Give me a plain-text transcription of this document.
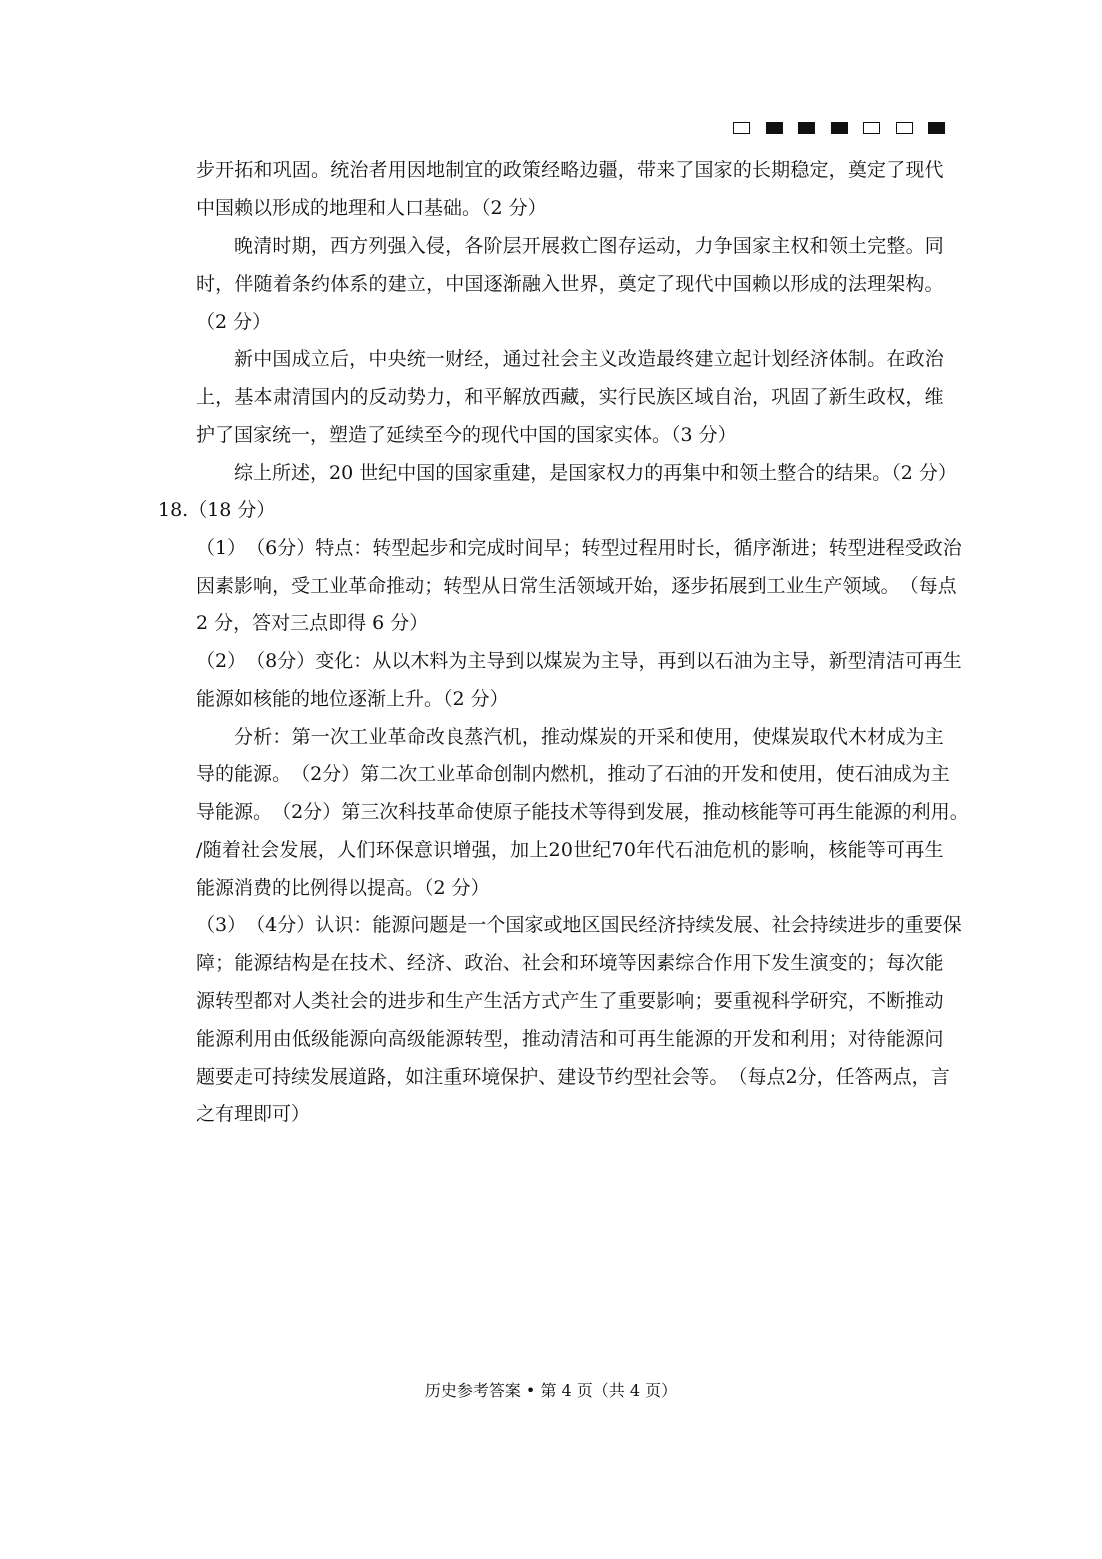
步 开 拓 和 巩 固 。 统 治 者 用 因 地 制 宜 的 政 策 经 略 边 疆 ， 带 来 了 国 家 的 长 期 稳 定 ， 奠 定 了 现 代
中国赖以形成的地理和人口基础。（2 分）
晚 清 时 期 ， 西 方 列 强 入 侵 ， 各 阶 层 开 展 救 亡 图 存 运 动 ， 力 争 国 家 主 权 和 领 土 完 整 。 同
时 ， 伴 随 着 条 约 体 系 的 建 立 ， 中 国 逐 渐 融 入 世 界 ， 奠 定 了 现 代 中 国 赖 以 形 成 的 法 理 架 构 。
（2 分）
新 中 国 成 立 后 ， 中 央 统 一 财 经 ， 通 过 社 会 主 义 改 造 最 终 建 立 起 计 划 经 济 体 制 。 在 政 治
上 ， 基 本 肃 清 国 内 的 反 动 势 力 ， 和 平 解 放 西 藏 ， 实 行 民 族 区 域 自 治 ， 巩 固 了 新 生 政 权 ， 维
护了国家统一，塑造了延续至今的现代中国的国家实体。（3 分）
综上所述，20 世纪中国的国家重建，是国家权力的再集中和领土整合的结果。（2 分）
18.（18 分）
（ 1 ） （ 6 分 ） 特 点 ： 转 型 起 步 和 完 成 时 间 早 ； 转 型 过 程 用 时 长 ， 循 序 渐 进 ； 转 型 进 程 受 政 治
因 素 影 响 ， 受 工 业 革 命 推 动 ； 转 型 从 日 常 生 活 领 域 开 始 ， 逐 步 拓 展 到 工 业 生 产 领 域 。 （ 每 点
2 分，答对三点即得 6 分）
（ 2 ） （ 8 分 ） 变 化 ： 从 以 木 料 为 主 导 到 以 煤 炭 为 主 导 ， 再 到 以 石 油 为 主 导 ， 新 型 清 洁 可 再 生
能源如核能的地位逐渐上升。（2 分）
分 析 ： 第 一 次 工 业 革 命 改 良 蒸 汽 机 ， 推 动 煤 炭 的 开 采 和 使 用 ， 使 煤 炭 取 代 木 材 成 为 主
导 的 能 源 。 （ 2 分 ） 第 二 次 工 业 革 命 创 制 内 燃 机 ， 推 动 了 石 油 的 开 发 和 使 用 ， 使 石 油 成 为 主
导 能 源 。 （ 2 分 ） 第 三 次 科 技 革 命 使 原 子 能 技 术 等 得 到 发 展 ， 推 动 核 能 等 可 再 生 能 源 的 利 用 。
/ 随 着 社 会 发 展 ， 人 们 环 保 意 识 增 强 ， 加 上 2 0 世 纪 7 0 年 代 石 油 危 机 的 影 响 ， 核 能 等 可 再 生
能源消费的比例得以提高。（2 分）
（ 3 ） （ 4 分 ） 认 识 ： 能 源 问 题 是 一 个 国 家 或 地 区 国 民 经 济 持 续 发 展 、 社 会 持 续 进 步 的 重 要 保
障 ； 能 源 结 构 是 在 技 术 、 经 济 、 政 治 、 社 会 和 环 境 等 因 素 综 合 作 用 下 发 生 演 变 的 ； 每 次 能
源 转 型 都 对 人 类 社 会 的 进 步 和 生 产 生 活 方 式 产 生 了 重 要 影 响 ； 要 重 视 科 学 研 究 ， 不 断 推 动
能 源 利 用 由 低 级 能 源 向 高 级 能 源 转 型 ， 推 动 清 洁 和 可 再 生 能 源 的 开 发 和 利 用 ； 对 待 能 源 问
题 要 走 可 持 续 发 展 道 路 ， 如 注 重 环 境 保 护 、 建 设 节 约 型 社 会 等 。 （ 每 点 2 分 ， 任 答 两 点 ， 言
之有理即可）
历史参考答案 • 第 4 页（共 4 页）
